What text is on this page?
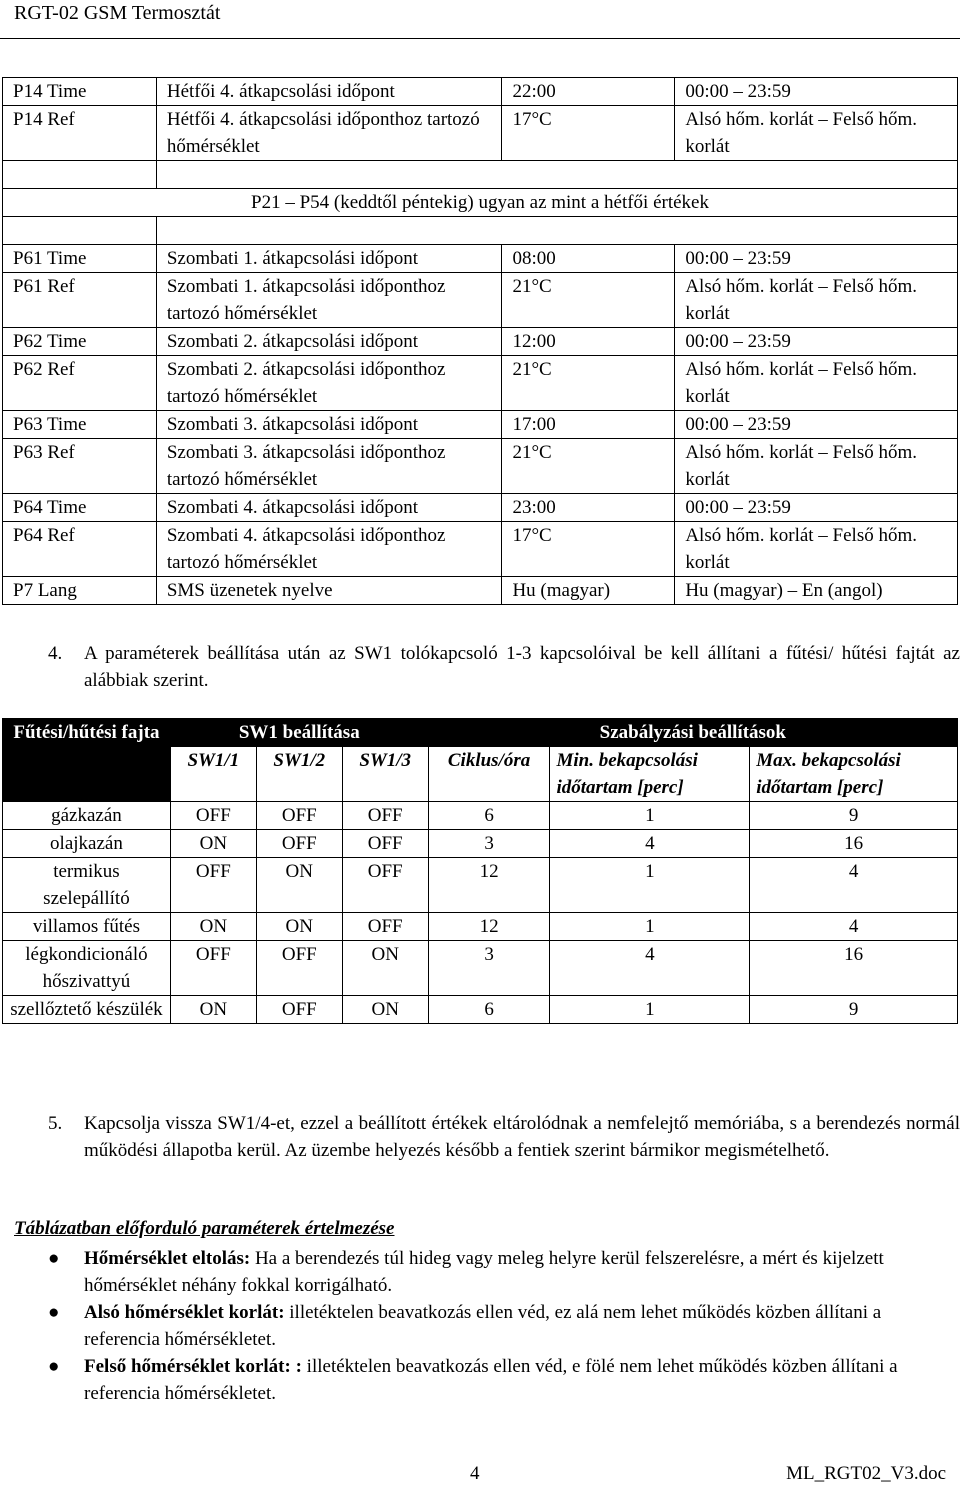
RGT-02 GSM Termosztát
P14 Time	Hétfői 4. átkapcsolási időpont	22:00	00:00 – 23:59
P14 Ref	Hétfői 4. átkapcsolási időponthoz tartozó hőmérséklet	17°C	Alsó hőm. korlát – Felső hőm. korlát

P21 – P54 (keddtől péntekig) ugyan az mint a hétfői értékek			

P61 Time	Szombati 1. átkapcsolási időpont	08:00	00:00 – 23:59
P61 Ref	Szombati 1. átkapcsolási időponthoz tartozó hőmérséklet	21°C	Alsó hőm. korlát – Felső hőm. korlát
P62 Time	Szombati 2. átkapcsolási időpont	12:00	00:00 – 23:59
P62 Ref	Szombati 2. átkapcsolási időponthoz tartozó hőmérséklet	21°C	Alsó hőm. korlát – Felső hőm. korlát
P63 Time	Szombati 3. átkapcsolási időpont	17:00	00:00 – 23:59
P63 Ref	Szombati 3. átkapcsolási időponthoz tartozó hőmérséklet	21°C	Alsó hőm. korlát – Felső hőm. korlát
P64 Time	Szombati 4. átkapcsolási időpont	23:00	00:00 – 23:59
P64 Ref	Szombati 4. átkapcsolási időponthoz tartozó hőmérséklet	17°C	Alsó hőm. korlát – Felső hőm. korlát
P7 Lang	SMS üzenetek nyelve	Hu (magyar)	Hu (magyar) – En (angol)
4. A paraméterek beállítása után az SW1 tolókapcsoló 1-3 kapcsolóival be kell állítani a fűtési/ hűtési fajtát az alábbiak szerint.
Fűtési/hűtési fajta	SW1 beállítása			Szabályzási beállítások		
	SW1/1	SW1/2	SW1/3	Ciklus/óra	Min. bekapcsolási időtartam [perc]	Max. bekapcsolási időtartam [perc]
gázkazán	OFF	OFF	OFF	6	1	9
olajkazán	ON	OFF	OFF	3	4	16
termikus szelepállító	OFF	ON	OFF	12	1	4
villamos fűtés	ON	ON	OFF	12	1	4
légkondicionáló hőszivattyú	OFF	OFF	ON	3	4	16
szellőztető készülék	ON	OFF	ON	6	1	9
5. Kapcsolja vissza SW1/4-et, ezzel a beállított értékek eltárolódnak a nemfelejtő memóriába, s a berendezés normál működési állapotba kerül. Az üzembe helyezés később a fentiek szerint bármikor megismételhető.
Táblázatban előforduló paraméterek értelmezése
● Hőmérséklet eltolás: Ha a berendezés túl hideg vagy meleg helyre kerül felszerelésre, a mért és kijelzett hőmérséklet néhány fokkal korrigálható.
● Alsó hőmérséklet korlát: illetéktelen beavatkozás ellen véd, ez alá nem lehet működés közben állítani a referencia hőmérsékletet.
● Felső hőmérséklet korlát: : illetéktelen beavatkozás ellen véd, e fölé nem lehet működés közben állítani a referencia hőmérsékletet.
4	ML_RGT02_V3.doc
